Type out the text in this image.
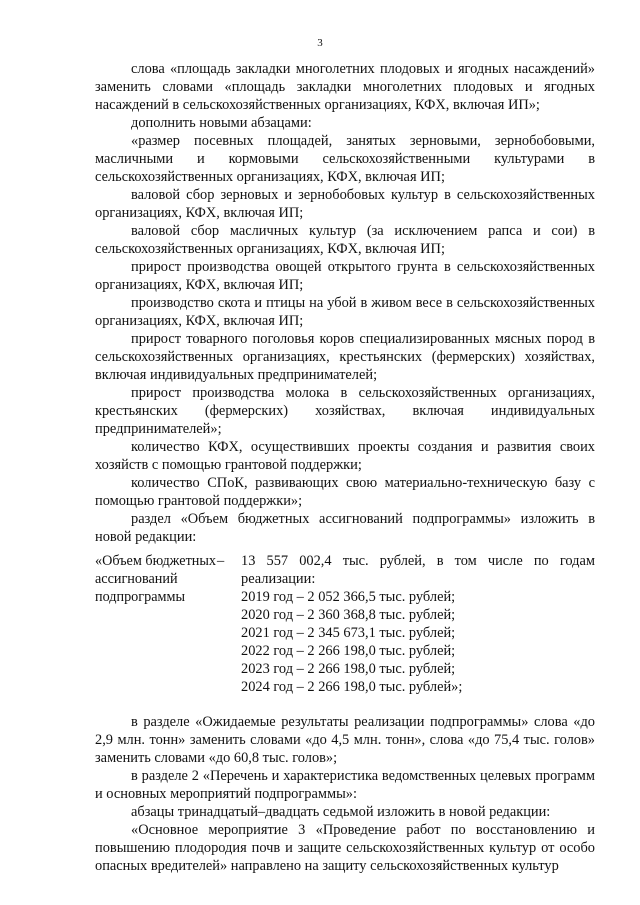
3

слова «площадь закладки многолетних плодовых и ягодных насаждений» заменить словами «площадь закладки многолетних плодовых и ягодных насаждений в сельскохозяйственных организациях, КФХ, включая ИП»;

дополнить новыми абзацами:

«размер посевных площадей, занятых зерновыми, зернобобовыми, масличными и кормовыми сельскохозяйственными культурами в сельскохозяйственных организациях, КФХ, включая ИП;

валовой сбор зерновых и зернобобовых культур в сельскохозяйственных организациях, КФХ, включая ИП;

валовой сбор масличных культур (за исключением рапса и сои) в сельскохозяйственных организациях, КФХ, включая ИП;

прирост производства овощей открытого грунта в сельскохозяйственных организациях, КФХ, включая ИП;

производство скота и птицы на убой в живом весе в сельскохозяйственных организациях, КФХ, включая ИП;

прирост товарного поголовья коров специализированных мясных пород в сельскохозяйственных организациях, крестьянских (фермерских) хозяйствах, включая индивидуальных предпринимателей;

прирост производства молока в сельскохозяйственных организациях, крестьянских (фермерских) хозяйствах, включая индивидуальных предпринимателей»;

количество КФХ, осуществивших проекты создания и развития своих хозяйств с помощью грантовой поддержки;

количество СПоК, развивающих свою материально-техническую базу с помощью грантовой поддержки»;

раздел «Объем бюджетных ассигнований подпрограммы» изложить в новой редакции:

«Объем бюджетных ассигнований подпрограммы
–	13 557 002,4 тыс. рублей, в том числе по годам реализации:
2019 год – 2 052 366,5 тыс. рублей;
2020 год – 2 360 368,8 тыс. рублей;
2021 год – 2 345 673,1 тыс. рублей;
2022 год – 2 266 198,0 тыс. рублей;
2023 год – 2 266 198,0 тыс. рублей;
2024 год – 2 266 198,0 тыс. рублей»;

в разделе «Ожидаемые результаты реализации подпрограммы» слова «до 2,9 млн. тонн» заменить словами «до 4,5 млн. тонн», слова «до 75,4 тыс. голов» заменить словами «до 60,8 тыс. голов»;

в разделе 2 «Перечень и характеристика ведомственных целевых программ и основных мероприятий подпрограммы»:

абзацы тринадцатый–двадцать седьмой изложить в новой редакции:

«Основное мероприятие 3 «Проведение работ по восстановлению и повышению плодородия почв и защите сельскохозяйственных культур от особо опасных вредителей» направлено на защиту сельскохозяйственных культур
